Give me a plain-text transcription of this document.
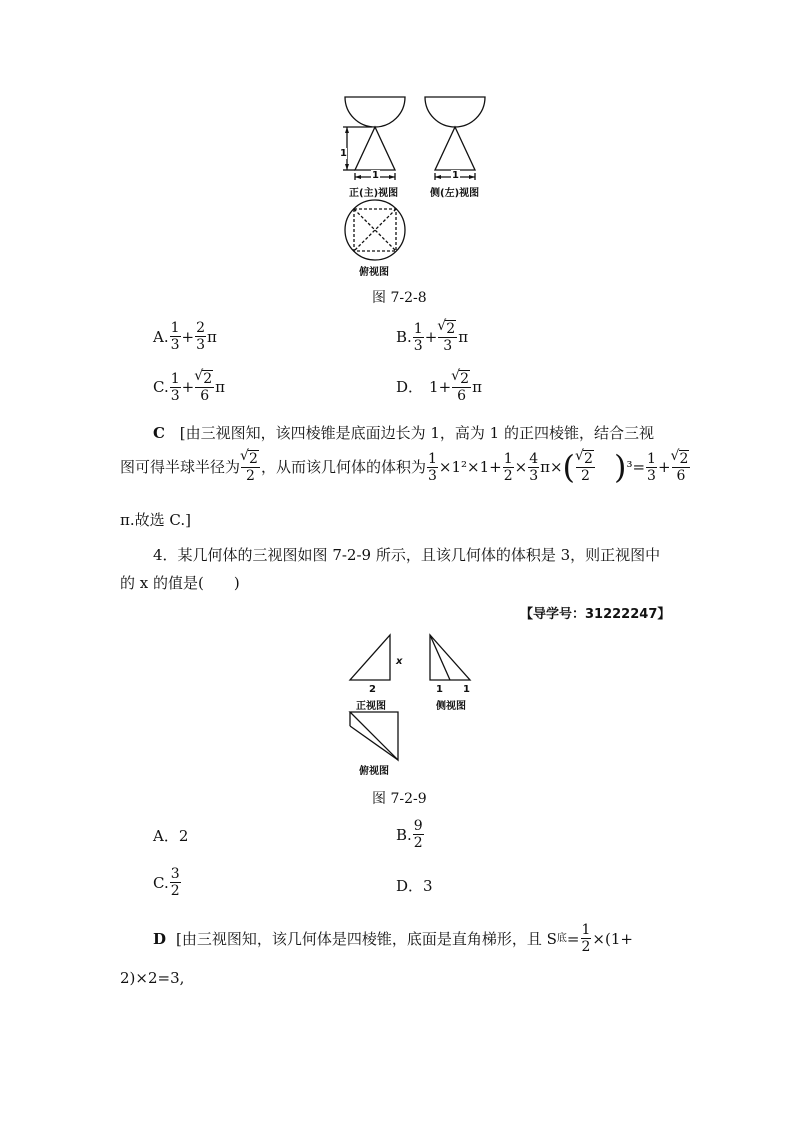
1
1
正(主)视图
1
侧(左)视图
俯视图
图 7-2-8
A. $\frac{1}{3} + \frac{2}{3}$ π	B. $\frac{1}{3}$ + √ $\frac{2}{3}$ π
C. $\frac{1}{3}$ + √ $\frac{2}{6}$ π	D． 1+ √ $\frac{2}{6}$ π
C [由三视图知，该四棱锥是底面边长为 1，高为 1 的正四棱锥，结合三视
图可得半球半径为 √ $\frac{2}{2}$ ，从而该几何体的体积为 $\frac{1}{3} \times 1^2\times 1+ \frac{1}{2} \times \frac{4}{3} \pi\times$ ( √ $\frac{2}{2}$ ) $^3= \frac{1}{3}$ + √ $\frac{2}{6}$
π.故选 C.]
4．某几何体的三视图如图 7-2-9 所示，且该几何体的体积是 3，则正视图中
的 x 的值是(　　)
【导学号：31222247】
x
2	1 1
正视图	侧视图
俯视图
图 7-2-9
A．2	B. $\frac{9}{2}$
C. $\frac{3}{2}$	D．3
D [由三视图知，该几何体是四棱锥，底面是直角梯形，且 S 底 = $\frac{1}{2} \times(1+$
2)×2=3,
